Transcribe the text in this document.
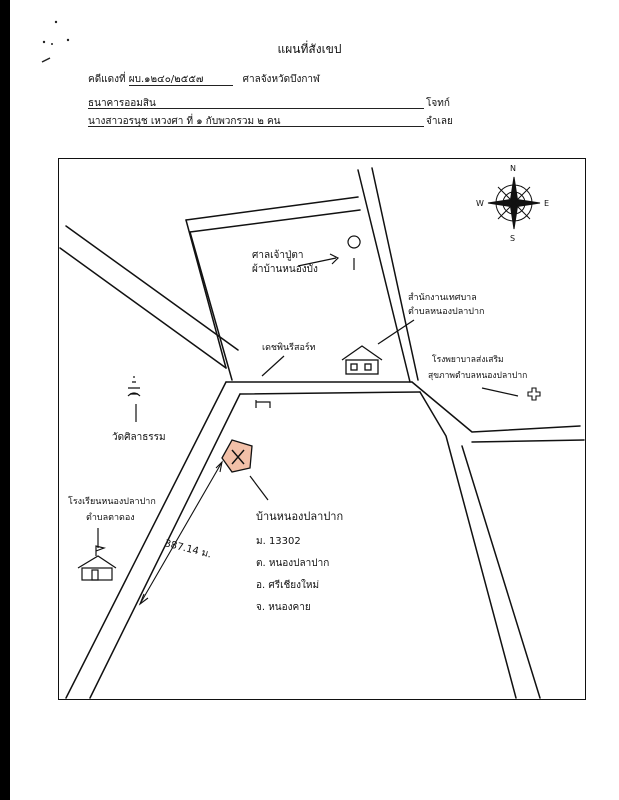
แผนที่สังเขป
คดีแดงที่ ผบ.๑๒๔๐/๒๕๕๗	ศาลจังหวัดบึงกาฬ
ธนาคารออมสิน	โจทก์
นางสาวอรนุช เหวงศา ที่ ๑ กับพวกรวม ๒ คน	จำเลย
N
S
E
W
ศาลเจ้าปู่ตา
ผ้าบ้านหนองบัง
สำนักงานเทศบาล
ตำบลหนองปลาปาก
เดชพินรีสอร์ท
โรงพยาบาลส่งเสริม
สุขภาพตำบลหนองปลาปาก
วัดศิลาธรรม
โรงเรียนหนองปลาปาก
ตำบลตาดอง
387.14 ม.
บ้านหนองปลาปาก
ม. 13302
ต. หนองปลาปาก
อ. ศรีเชียงใหม่
จ. หนองคาย
